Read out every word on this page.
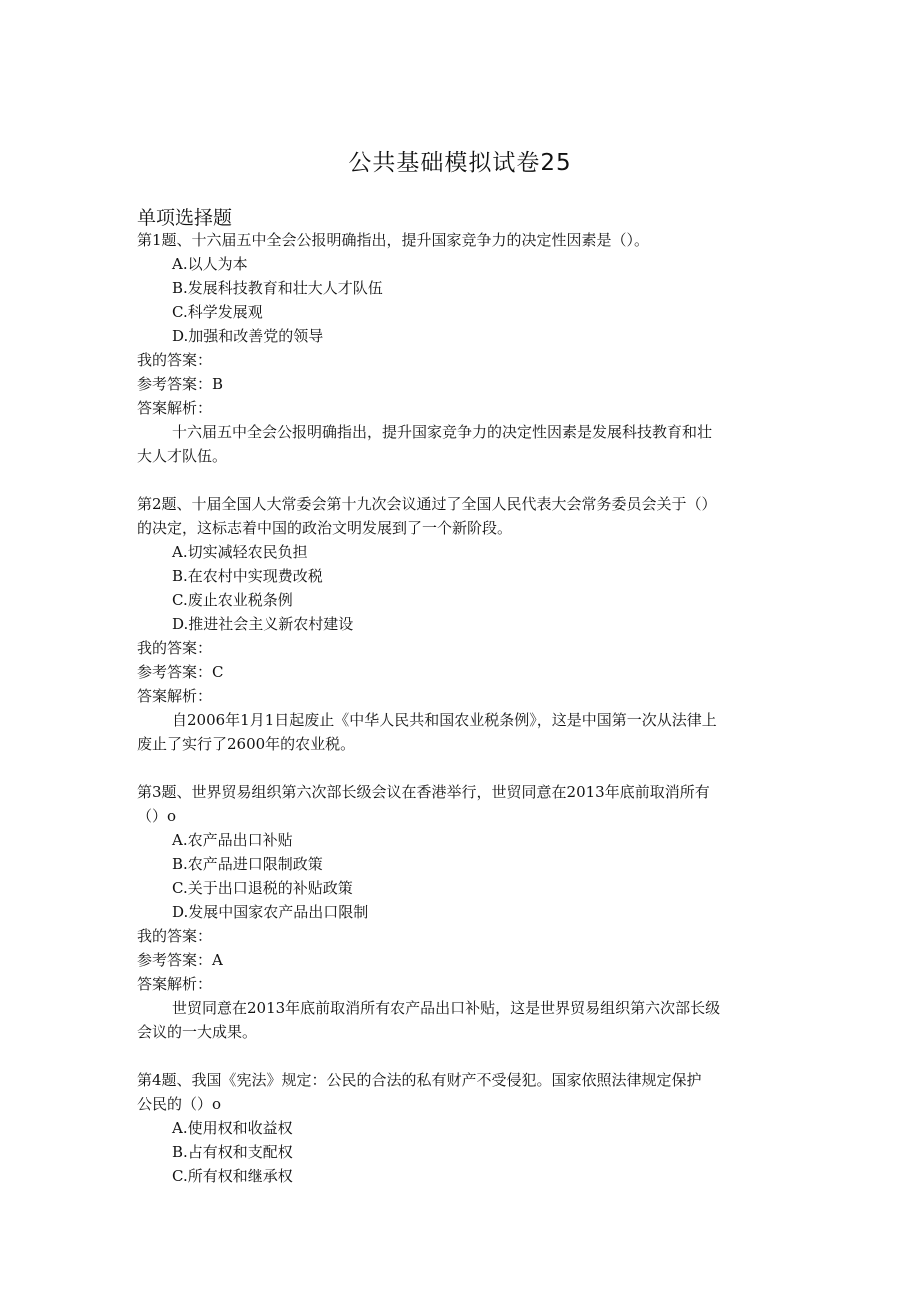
公共基础模拟试卷25
单项选择题
第1题、十六届五中全会公报明确指出，提升国家竞争力的决定性因素是（）。
A.以人为本
B.发展科技教育和壮大人才队伍
C.科学发展观
D.加强和改善党的领导
我的答案：
参考答案：B
答案解析：
十六届五中全会公报明确指出，提升国家竞争力的决定性因素是发展科技教育和壮
大人才队伍。
第2题、十届全国人大常委会第十九次会议通过了全国人民代表大会常务委员会关于（）
的决定，这标志着中国的政治文明发展到了一个新阶段。
A.切实减轻农民负担
B.在农村中实现费改税
C.废止农业税条例
D.推进社会主义新农村建设
我的答案：
参考答案：C
答案解析：
自2006年1月1日起废止《中华人民共和国农业税条例》，这是中国第一次从法律上
废止了实行了2600年的农业税。
第3题、世界贸易组织第六次部长级会议在香港举行，世贸同意在2013年底前取消所有
（）o
A.农产品出口补贴
B.农产品进口限制政策
C.关于出口退税的补贴政策
D.发展中国家农产品出口限制
我的答案：
参考答案：A
答案解析：
世贸同意在2013年底前取消所有农产品出口补贴，这是世界贸易组织第六次部长级
会议的一大成果。
第4题、我国《宪法》规定：公民的合法的私有财产不受侵犯。国家依照法律规定保护
公民的（）o
A.使用权和收益权
B.占有权和支配权
C.所有权和继承权
